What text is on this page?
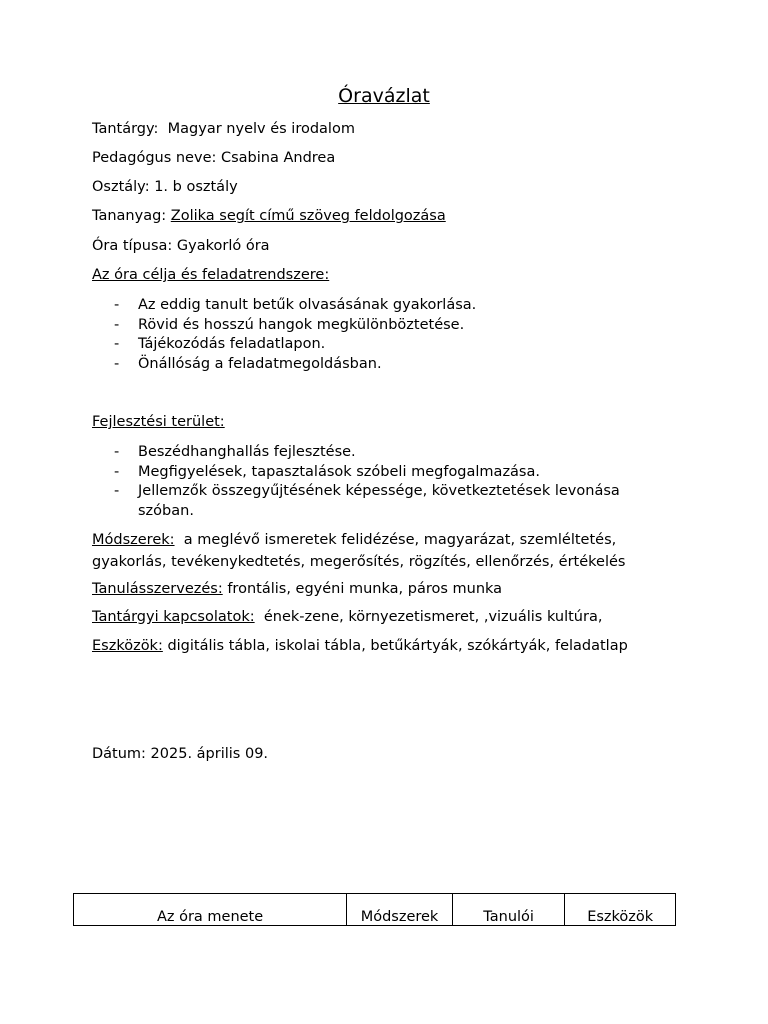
Óravázlat
Tantárgy: Magyar nyelv és irodalom
Pedagógus neve: Csabina Andrea
Osztály: 1. b osztály
Tananyag: Zolika segít című szöveg feldolgozása
Óra típusa: Gyakorló óra
Az óra célja és feladatrendszere:
- Az eddig tanult betűk olvasásának gyakorlása.
- Rövid és hosszú hangok megkülönböztetése.
- Tájékozódás feladatlapon.
- Önállóság a feladatmegoldásban.
Fejlesztési terület:
- Beszédhanghallás fejlesztése.
- Megfigyelések, tapasztalások szóbeli megfogalmazása.
- Jellemzők összegyűjtésének képessége, következtetések levonása szóban.
Módszerek: a meglévő ismeretek felidézése, magyarázat, szemléltetés, gyakorlás, tevékenykedtetés, megerősítés, rögzítés, ellenőrzés, értékelés
Tanulásszervezés: frontális, egyéni munka, páros munka
Tantárgyi kapcsolatok: ének-zene, környezetismeret, ,vizuális kultúra,
Eszközök: digitális tábla, iskolai tábla, betűkártyák, szókártyák, feladatlap
Dátum: 2025. április 09.
Az óra menete	Módszerek	Tanulói	Eszközök
